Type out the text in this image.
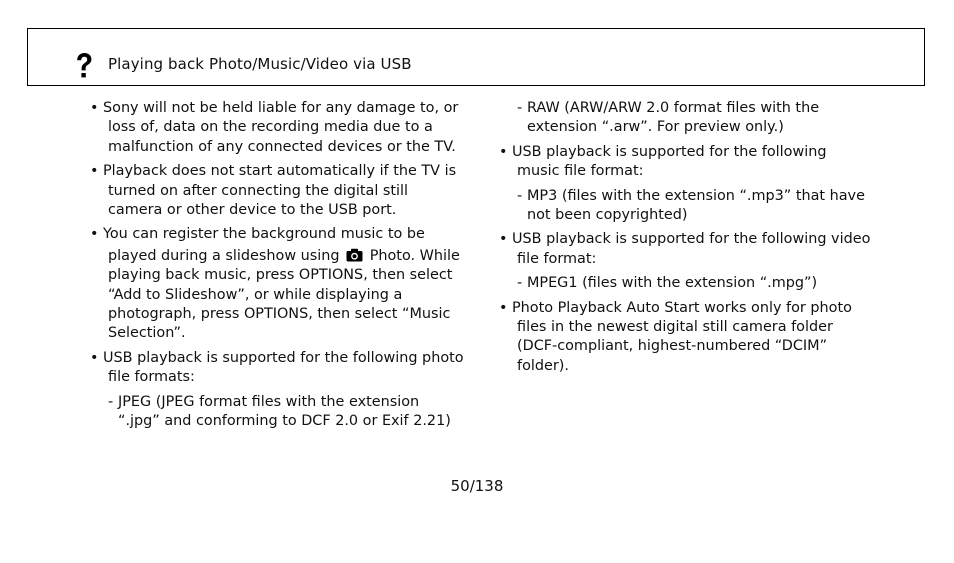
Playing back Photo/Music/Video via USB
• Sony will not be held liable for any damage to, or
loss of, data on the recording media due to a
malfunction of any connected devices or the TV.
• Playback does not start automatically if the TV is
turned on after connecting the digital still
camera or other device to the USB port.
• You can register the background music to be
played during a slideshow using Photo. While
playing back music, press OPTIONS, then select
“Add to Slideshow”, or while displaying a
photograph, press OPTIONS, then select “Music
Selection”.
• USB playback is supported for the following photo
file formats:
- JPEG (JPEG format files with the extension
“.jpg” and conforming to DCF 2.0 or Exif 2.21)
- RAW (ARW/ARW 2.0 format files with the
extension “.arw”. For preview only.)
• USB playback is supported for the following
music file format:
- MP3 (files with the extension “.mp3” that have
not been copyrighted)
• USB playback is supported for the following video
file format:
- MPEG1 (files with the extension “.mpg”)
• Photo Playback Auto Start works only for photo
files in the newest digital still camera folder
(DCF-compliant, highest-numbered “DCIM”
folder).
50/138
